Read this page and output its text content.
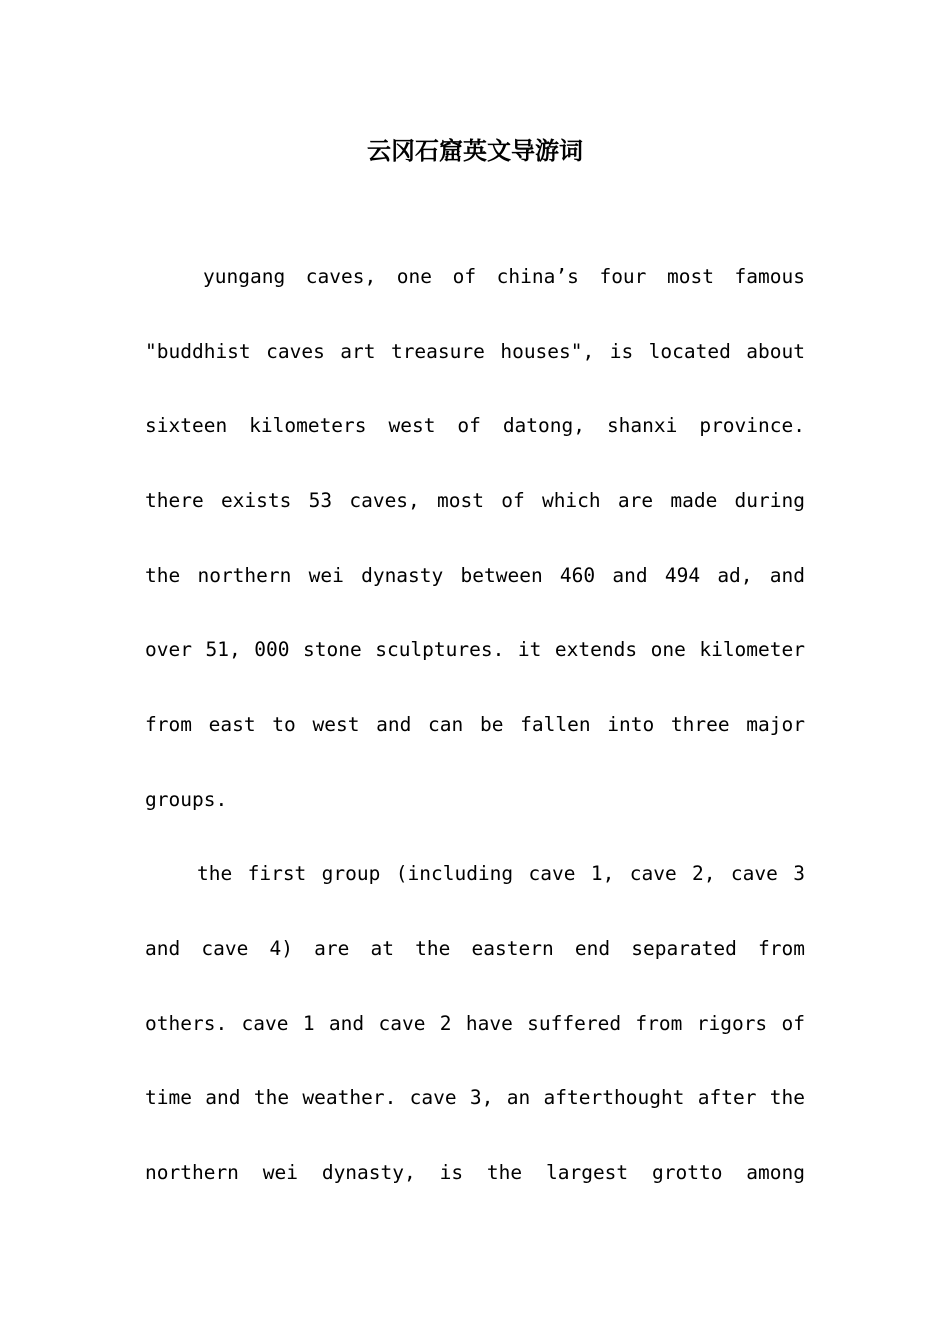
云冈石窟英文导游词

yungang caves, one of china’s four most famous

"buddhist caves art treasure houses", is located about

sixteen kilometers west of datong, shanxi province.

there exists 53 caves, most of which are made during

the northern wei dynasty between 460 and 494 ad, and

over 51, 000 stone sculptures. it extends one kilometer

from east to west and can be fallen into three major

groups.

the first group (including cave 1, cave 2, cave 3

and cave 4) are at the eastern end separated from

others. cave 1 and cave 2 have suffered from rigors of

time and the weather. cave 3, an afterthought after the

northern wei dynasty, is the largest grotto among
